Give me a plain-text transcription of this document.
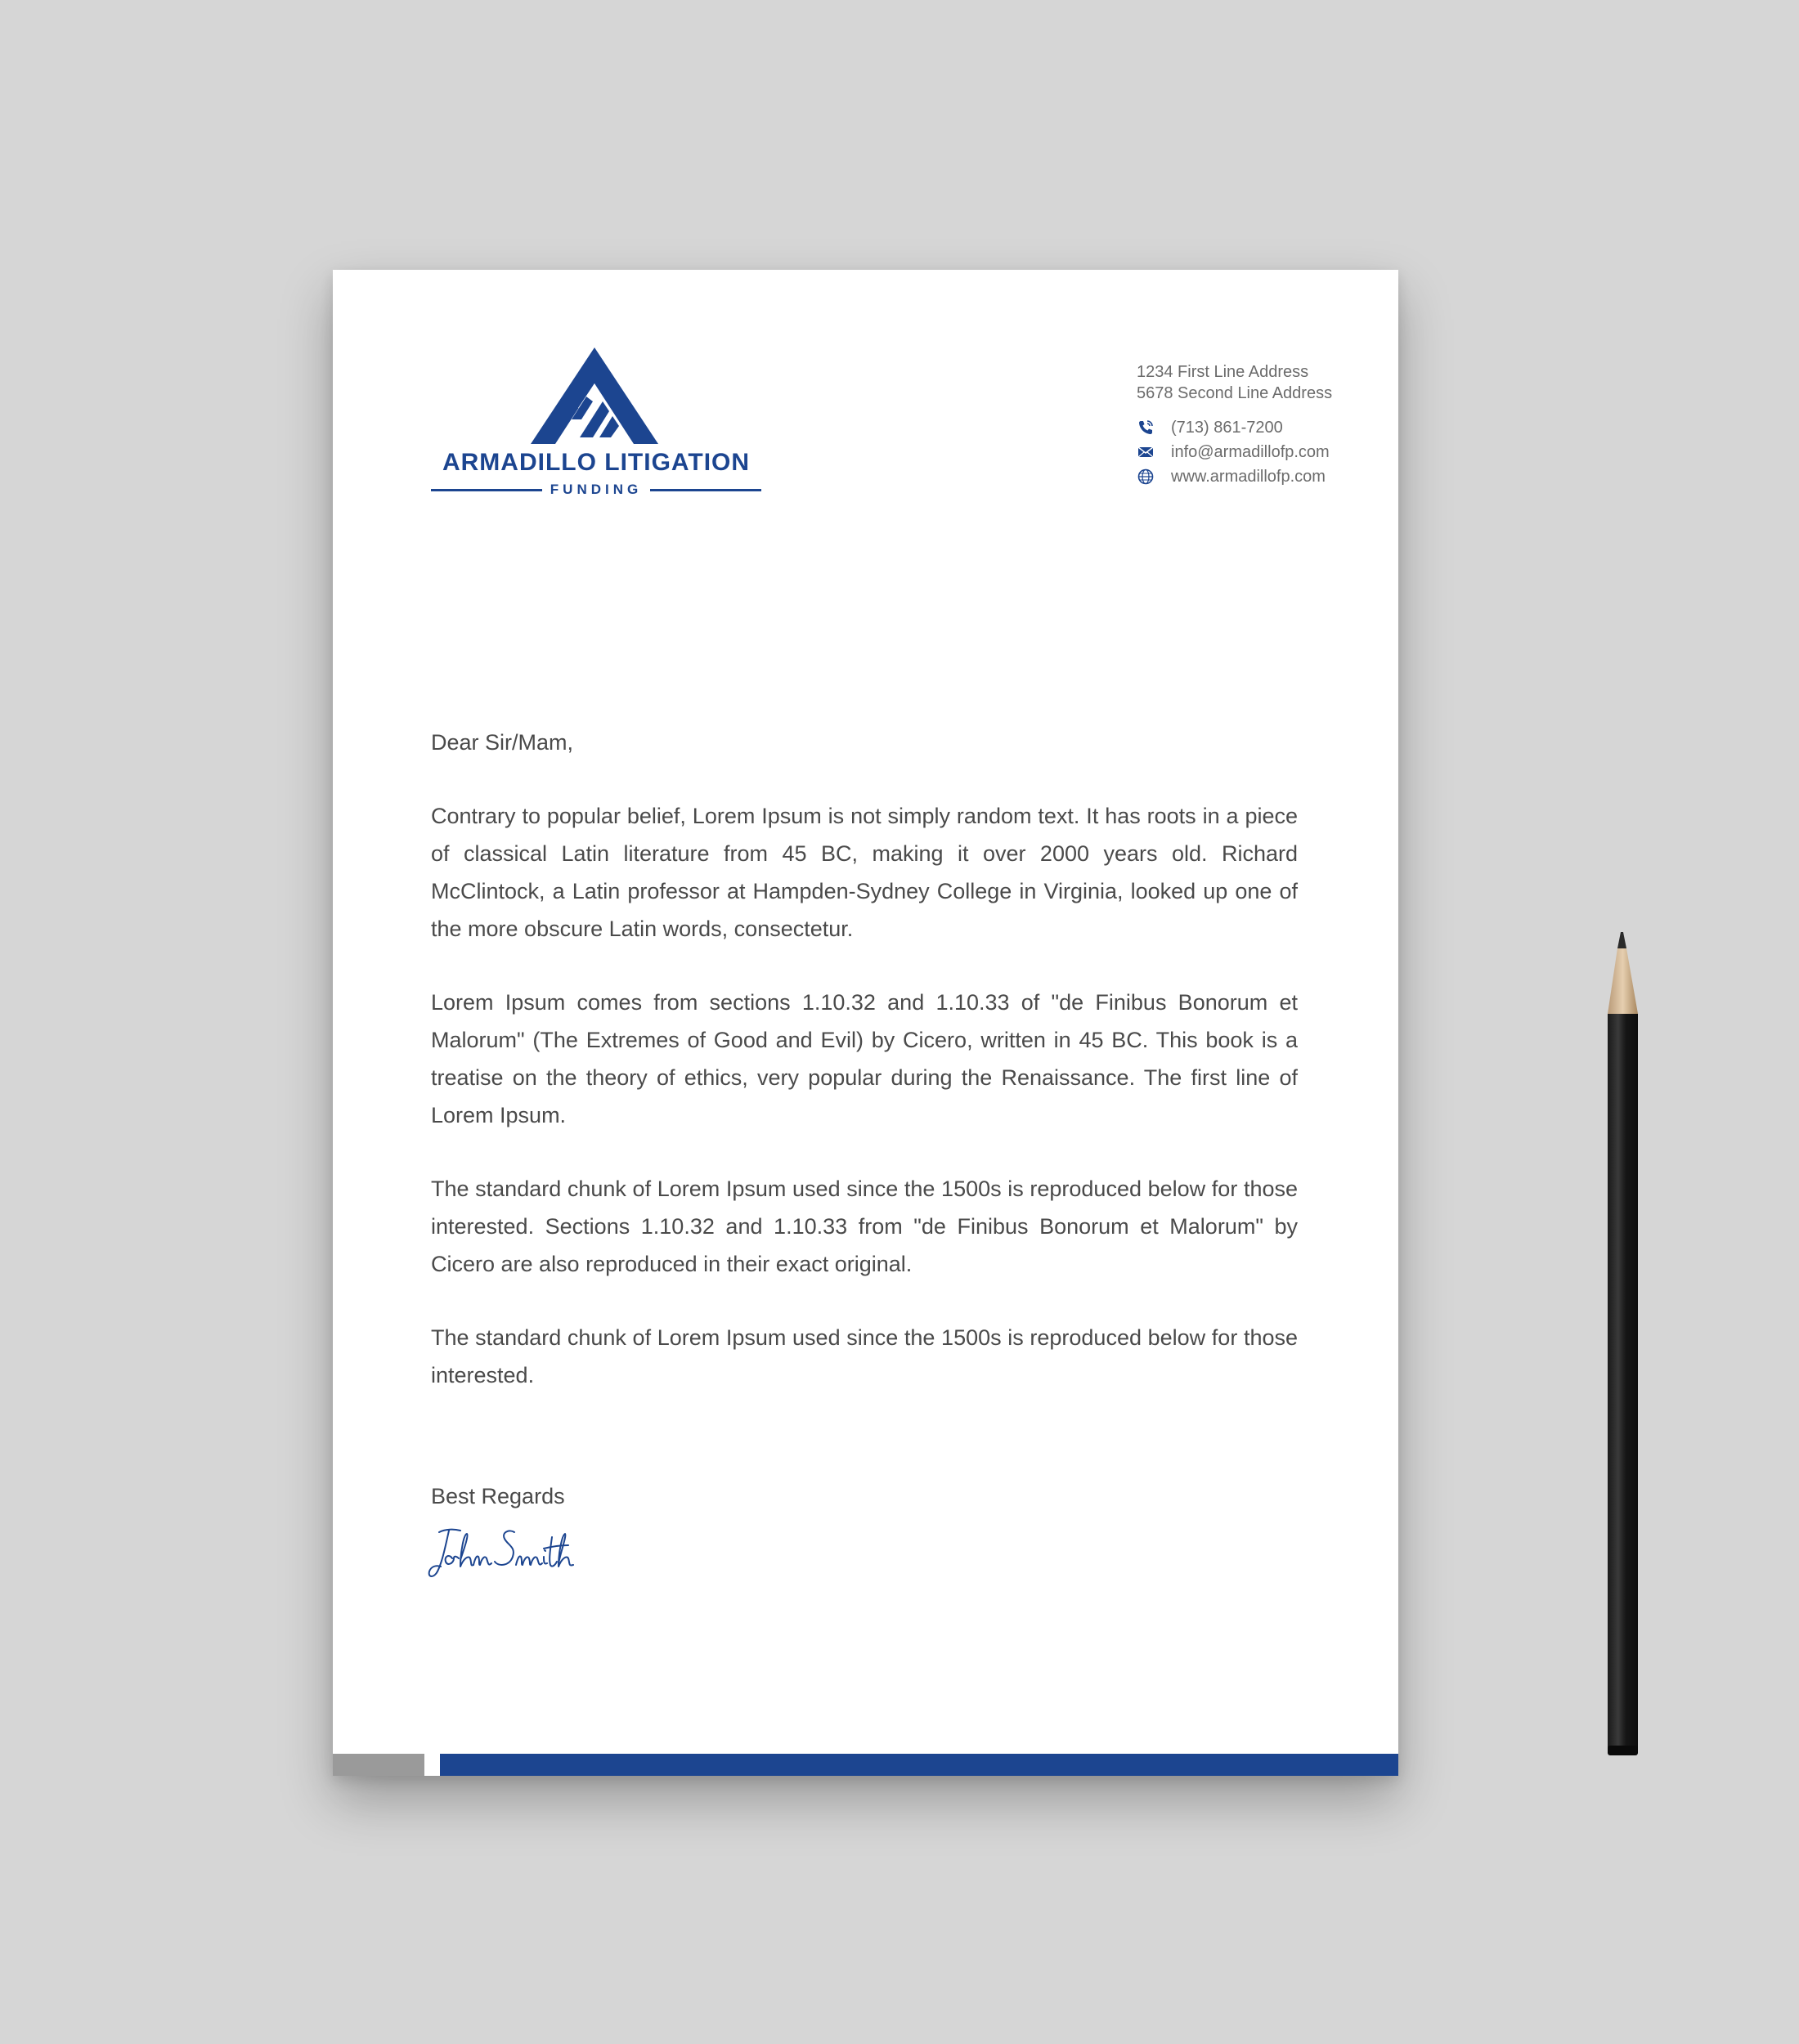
ARMADILLO LITIGATION
FUNDING
1234 First Line Address
5678 Second Line Address
(713) 861-7200
info@armadillofp.com
www.armadillofp.com

Dear Sir/Mam,

Contrary to popular belief, Lorem Ipsum is not simply random text. It has roots in a piece of classical Latin literature from 45 BC, making it over 2000 years old. Richard McClintock, a Latin professor at Hampden-Sydney College in Virginia, looked up one of the more obscure Latin words, consectetur.

Lorem Ipsum comes from sections 1.10.32 and 1.10.33 of "de Finibus Bonorum et Malorum" (The Extremes of Good and Evil) by Cicero, written in 45 BC. This book is a treatise on the theory of ethics, very popular during the Renaissance. The first line of Lorem Ipsum.

The standard chunk of Lorem Ipsum used since the 1500s is reproduced below for those interested. Sections 1.10.32 and 1.10.33 from "de Finibus Bonorum et Malorum" by Cicero are also reproduced in their exact original.

The standard chunk of Lorem Ipsum used since the 1500s is reproduced below for those interested.

Best Regards
